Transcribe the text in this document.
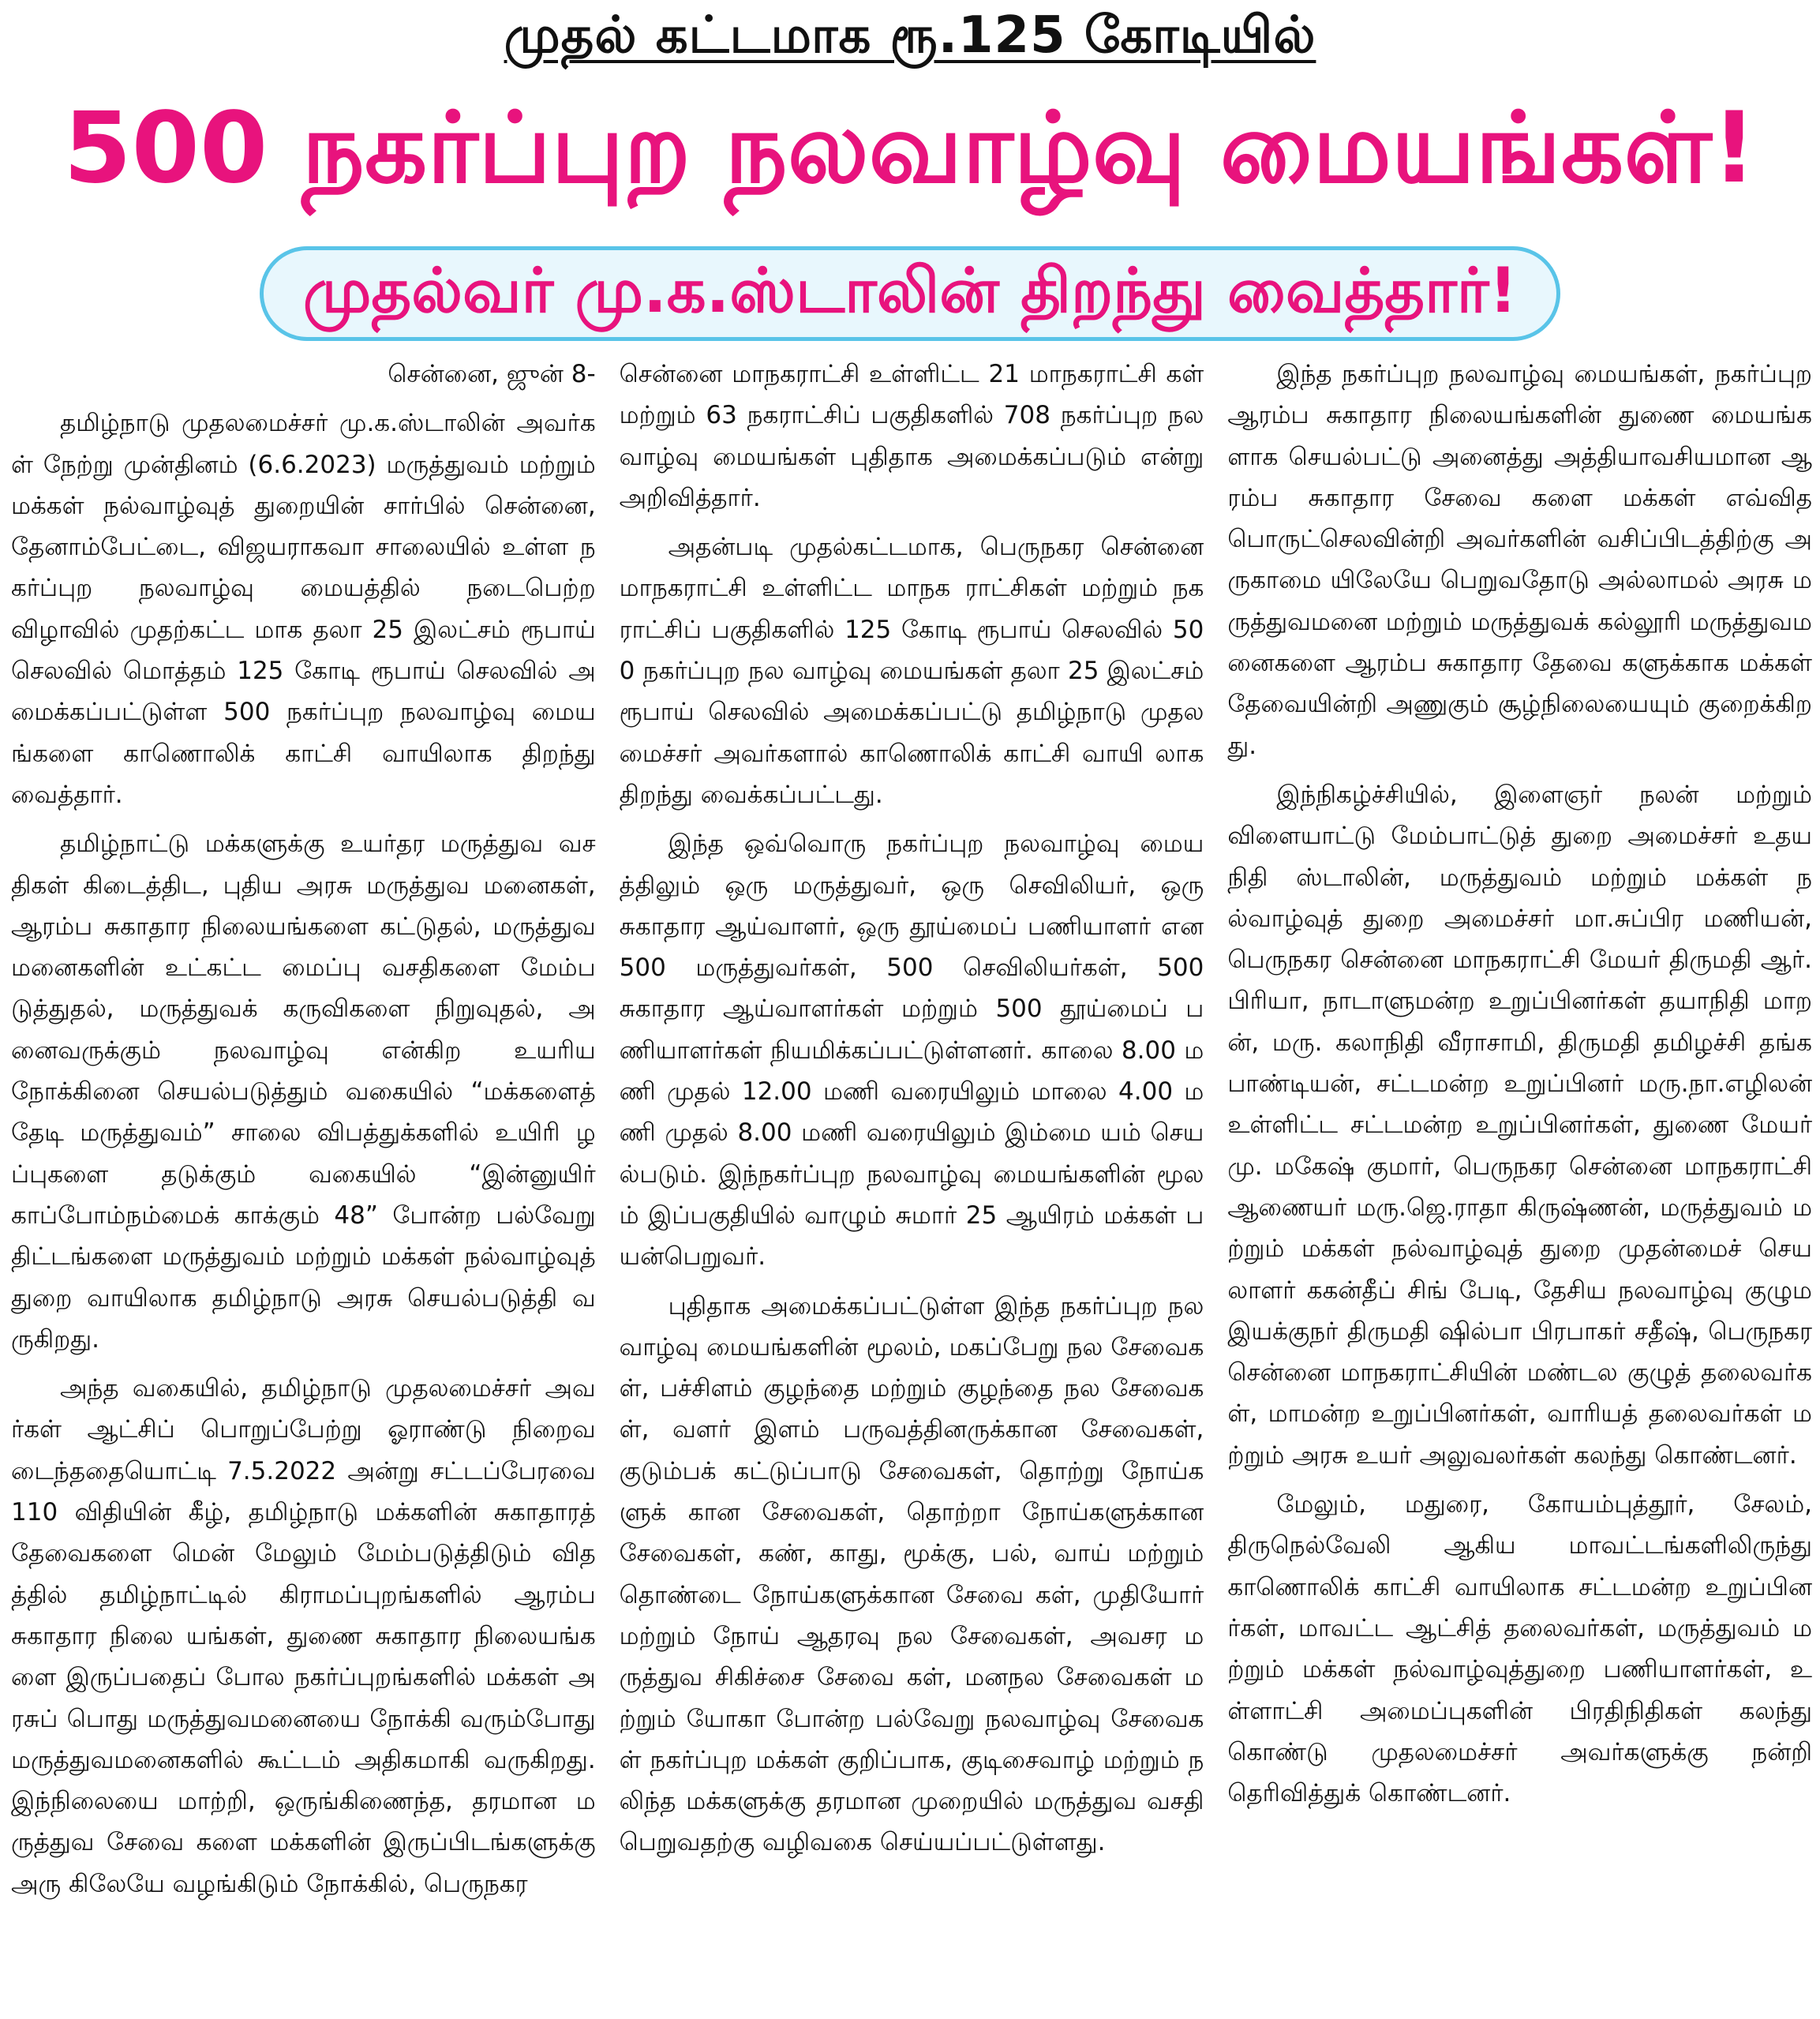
முதல் கட்டமாக ரூ.125 கோடியில்
500 நகர்ப்புற நலவாழ்வு மையங்கள்!
முதல்வர் மு.க.ஸ்டாலின் திறந்து வைத்தார்!

சென்னை, ஜுன் 8-

தமிழ்நாடு முதலமைச்சர் மு.க.ஸ்டாலின் அவர்கள் நேற்று முன்தினம் (6.6.2023) மருத்துவம் மற்றும் மக்கள் நல்வாழ்வுத் துறையின் சார்பில் சென்னை, தேனாம்பேட்டை, விஜயராகவா சாலையில் உள்ள நகர்ப்புற நலவாழ்வு மையத்தில் நடைபெற்ற விழாவில் முதற்கட்ட மாக தலா 25 இலட்சம் ரூபாய் செலவில் மொத்தம் 125 கோடி ரூபாய் செலவில் அமைக்கப்பட்டுள்ள 500 நகர்ப்புற நலவாழ்வு மையங்களை காணொலிக் காட்சி வாயிலாக திறந்து வைத்தார்.

தமிழ்நாட்டு மக்களுக்கு உயர்தர மருத்துவ வசதிகள் கிடைத்திட, புதிய அரசு மருத்துவ மனைகள், ஆரம்ப சுகாதார நிலையங்களை கட்டுதல், மருத்துவமனைகளின் உட்கட்ட மைப்பு வசதிகளை மேம்படுத்துதல், மருத்துவக் கருவிகளை நிறுவுதல், அனைவருக்கும் நலவாழ்வு என்கிற உயரிய நோக்கினை செயல்படுத்தும் வகையில் “மக்களைத் தேடி மருத்துவம்” சாலை விபத்துக்களில் உயிரி ழப்புகளை தடுக்கும் வகையில் “இன்னுயிர் காப்போம்நம்மைக் காக்கும் 48” போன்ற பல்வேறு திட்டங்களை மருத்துவம் மற்றும் மக்கள் நல்வாழ்வுத் துறை வாயிலாக தமிழ்நாடு அரசு செயல்படுத்தி வருகிறது.

அந்த வகையில், தமிழ்நாடு முதலமைச்சர் அவர்கள் ஆட்சிப் பொறுப்பேற்று ஓராண்டு நிறைவடைந்ததையொட்டி 7.5.2022 அன்று சட்டப்பேரவை 110 விதியின் கீழ், தமிழ்நாடு மக்களின் சுகாதாரத் தேவைகளை மென் மேலும் மேம்படுத்திடும் விதத்தில் தமிழ்நாட்டில் கிராமப்புறங்களில் ஆரம்ப சுகாதார நிலை யங்கள், துணை சுகாதார நிலையங்களை இருப்பதைப் போல நகர்ப்புறங்களில் மக்கள் அரசுப் பொது மருத்துவமனையை நோக்கி வரும்போது மருத்துவமனைகளில் கூட்டம் அதிகமாகி வருகிறது. இந்நிலையை மாற்றி, ஒருங்கிணைந்த, தரமான மருத்துவ சேவை களை மக்களின் இருப்பிடங்களுக்கு அரு கிலேயே வழங்கிடும் நோக்கில், பெருநகர

சென்னை மாநகராட்சி உள்ளிட்ட 21 மாநகராட்சி கள் மற்றும் 63 நகராட்சிப் பகுதிகளில் 708 நகர்ப்புற நலவாழ்வு மையங்கள் புதிதாக அமைக்கப்படும் என்று அறிவித்தார்.

அதன்படி முதல்கட்டமாக, பெருநகர சென்னை மாநகராட்சி உள்ளிட்ட மாநக ராட்சிகள் மற்றும் நகராட்சிப் பகுதிகளில் 125 கோடி ரூபாய் செலவில் 500 நகர்ப்புற நல வாழ்வு மையங்கள் தலா 25 இலட்சம் ரூபாய் செலவில் அமைக்கப்பட்டு தமிழ்நாடு முதல மைச்சர் அவர்களால் காணொலிக் காட்சி வாயி லாக திறந்து வைக்கப்பட்டது.

இந்த ஒவ்வொரு நகர்ப்புற நலவாழ்வு மையத்திலும் ஒரு மருத்துவர், ஒரு செவிலியர், ஒரு சுகாதார ஆய்வாளர், ஒரு தூய்மைப் பணியாளர் என 500 மருத்துவர்கள், 500 செவிலியர்கள், 500 சுகாதார ஆய்வாளர்கள் மற்றும் 500 தூய்மைப் பணியாளர்கள் நியமிக்கப்பட்டுள்ளனர். காலை 8.00 மணி முதல் 12.00 மணி வரையிலும் மாலை 4.00 மணி முதல் 8.00 மணி வரையிலும் இம்மை யம் செயல்படும். இந்நகர்ப்புற நலவாழ்வு மையங்களின் மூலம் இப்பகுதியில் வாழும் சுமார் 25 ஆயிரம் மக்கள் பயன்பெறுவர்.

புதிதாக அமைக்கப்பட்டுள்ள இந்த நகர்ப்புற நலவாழ்வு மையங்களின் மூலம், மகப்பேறு நல சேவைகள், பச்சிளம் குழந்தை மற்றும் குழந்தை நல சேவைகள், வளர் இளம் பருவத்தினருக்கான சேவைகள், குடும்பக் கட்டுப்பாடு சேவைகள், தொற்று நோய்களுக் கான சேவைகள், தொற்றா நோய்களுக்கான சேவைகள், கண், காது, மூக்கு, பல், வாய் மற்றும் தொண்டை நோய்களுக்கான சேவை கள், முதியோர் மற்றும் நோய் ஆதரவு நல சேவைகள், அவசர மருத்துவ சிகிச்சை சேவை கள், மனநல சேவைகள் மற்றும் யோகா போன்ற பல்வேறு நலவாழ்வு சேவைகள் நகர்ப்புற மக்கள் குறிப்பாக, குடிசைவாழ் மற்றும் நலிந்த மக்களுக்கு தரமான முறையில் மருத்துவ வசதி பெறுவதற்கு வழிவகை செய்யப்பட்டுள்ளது.

இந்த நகர்ப்புற நலவாழ்வு மையங்கள், நகர்ப்புற ஆரம்ப சுகாதார நிலையங்களின் துணை மையங்களாக செயல்பட்டு அனைத்து அத்தியாவசியமான ஆரம்ப சுகாதார சேவை களை மக்கள் எவ்வித பொருட்செலவின்றி அவர்களின் வசிப்பிடத்திற்கு அருகாமை யிலேயே பெறுவதோடு அல்லாமல் அரசு மருத்துவமனை மற்றும் மருத்துவக் கல்லூரி மருத்துவமனைகளை ஆரம்ப சுகாதார தேவை களுக்காக மக்கள் தேவையின்றி அணுகும் சூழ்நிலையையும் குறைக்கிறது.

இந்நிகழ்ச்சியில், இளைஞர் நலன் மற்றும் விளையாட்டு மேம்பாட்டுத் துறை அமைச்சர் உதயநிதி ஸ்டாலின், மருத்துவம் மற்றும் மக்கள் நல்வாழ்வுத் துறை அமைச்சர் மா.சுப்பிர மணியன், பெருநகர சென்னை மாநகராட்சி மேயர் திருமதி ஆர்.பிரியா, நாடாளுமன்ற உறுப்பினர்கள் தயாநிதி மாறன், மரு. கலாநிதி வீராசாமி, திருமதி தமிழச்சி தங்கபாண்டியன், சட்டமன்ற உறுப்பினர் மரு.நா.எழிலன் உள்ளிட்ட சட்டமன்ற உறுப்பினர்கள், துணை மேயர் மு. மகேஷ் குமார், பெருநகர சென்னை மாநகராட்சி ஆணையர் மரு.ஜெ.ராதா கிருஷ்ணன், மருத்துவம் மற்றும் மக்கள் நல்வாழ்வுத் துறை முதன்மைச் செயலாளர் ககன்தீப் சிங் பேடி, தேசிய நலவாழ்வு குழும இயக்குநர் திருமதி ஷில்பா பிரபாகர் சதீஷ், பெருநகர சென்னை மாநகராட்சியின் மண்டல குழுத் தலைவர்கள், மாமன்ற உறுப்பினர்கள், வாரியத் தலைவர்கள் மற்றும் அரசு உயர் அலுவலர்கள் கலந்து கொண்டனர்.

மேலும், மதுரை, கோயம்புத்தூர், சேலம், திருநெல்வேலி ஆகிய மாவட்டங்களிலிருந்து காணொலிக் காட்சி வாயிலாக சட்டமன்ற உறுப்பினர்கள், மாவட்ட ஆட்சித் தலைவர்கள், மருத்துவம் மற்றும் மக்கள் நல்வாழ்வுத்துறை பணியாளர்கள், உள்ளாட்சி அமைப்புகளின் பிரதிநிதிகள் கலந்து கொண்டு முதலமைச்சர் அவர்களுக்கு நன்றி தெரிவித்துக் கொண்டனர்.
